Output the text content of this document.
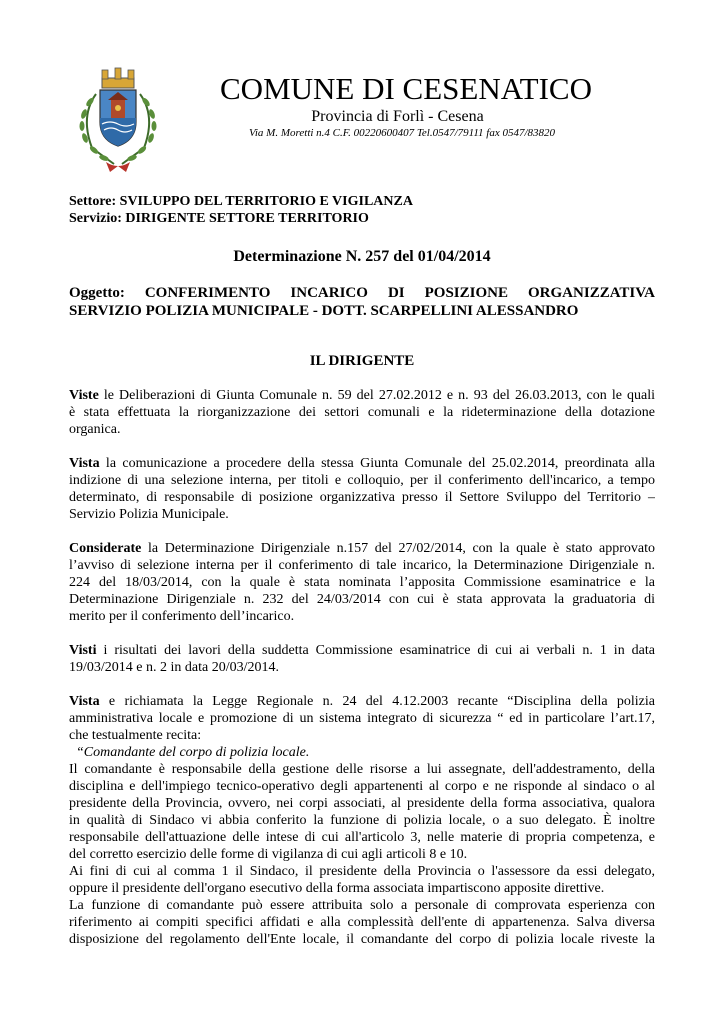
COMUNE DI CESENATICO
Provincia di Forlì - Cesena
Via M. Moretti n.4 C.F. 00220600407 Tel.0547/79111 fax 0547/83820
Settore: SVILUPPO DEL TERRITORIO E VIGILANZA
Servizio: DIRIGENTE SETTORE TERRITORIO
Determinazione N. 257 del 01/04/2014
Oggetto: CONFERIMENTO INCARICO DI POSIZIONE ORGANIZZATIVA
SERVIZIO POLIZIA MUNICIPALE - DOTT. SCARPELLINI ALESSANDRO
IL DIRIGENTE
Viste le Deliberazioni di Giunta Comunale n. 59 del 27.02.2012 e n. 93 del 26.03.2013, con le quali
è stata effettuata la riorganizzazione dei settori comunali e la rideterminazione della dotazione
organica.
Vista la comunicazione a procedere della stessa Giunta Comunale del 25.02.2014, preordinata alla
indizione di una selezione interna, per titoli e colloquio, per il conferimento dell'incarico, a tempo
determinato, di responsabile di posizione organizzativa presso il Settore Sviluppo del Territorio –
Servizio Polizia Municipale.
Considerate la Determinazione Dirigenziale n.157 del 27/02/2014, con la quale è stato approvato
l’avviso di selezione interna per il conferimento di tale incarico, la Determinazione Dirigenziale n.
224 del 18/03/2014, con la quale è stata nominata l’apposita Commissione esaminatrice e la
Determinazione Dirigenziale n. 232 del 24/03/2014 con cui è stata approvata la graduatoria di
merito per il conferimento dell’incarico.
Visti i risultati dei lavori della suddetta Commissione esaminatrice di cui ai verbali n. 1 in data
19/03/2014 e n. 2 in data 20/03/2014.
Vista e richiamata la Legge Regionale n. 24 del 4.12.2003 recante “Disciplina della polizia
amministrativa locale e promozione di un sistema integrato di sicurezza “ ed in particolare l’art.17,
che testualmente recita:
“Comandante del corpo di polizia locale.
Il comandante è responsabile della gestione delle risorse a lui assegnate, dell'addestramento, della
disciplina e dell'impiego tecnico-operativo degli appartenenti al corpo e ne risponde al sindaco o al
presidente della Provincia, ovvero, nei corpi associati, al presidente della forma associativa, qualora
in qualità di Sindaco vi abbia conferito la funzione di polizia locale, o a suo delegato. È inoltre
responsabile dell'attuazione delle intese di cui all'articolo 3, nelle materie di propria competenza, e
del corretto esercizio delle forme di vigilanza di cui agli articoli 8 e 10.
Ai fini di cui al comma 1 il Sindaco, il presidente della Provincia o l'assessore da essi delegato,
oppure il presidente dell'organo esecutivo della forma associata impartiscono apposite direttive.
La funzione di comandante può essere attribuita solo a personale di comprovata esperienza con
riferimento ai compiti specifici affidati e alla complessità dell'ente di appartenenza. Salva diversa
disposizione del regolamento dell'Ente locale, il comandante del corpo di polizia locale riveste la
